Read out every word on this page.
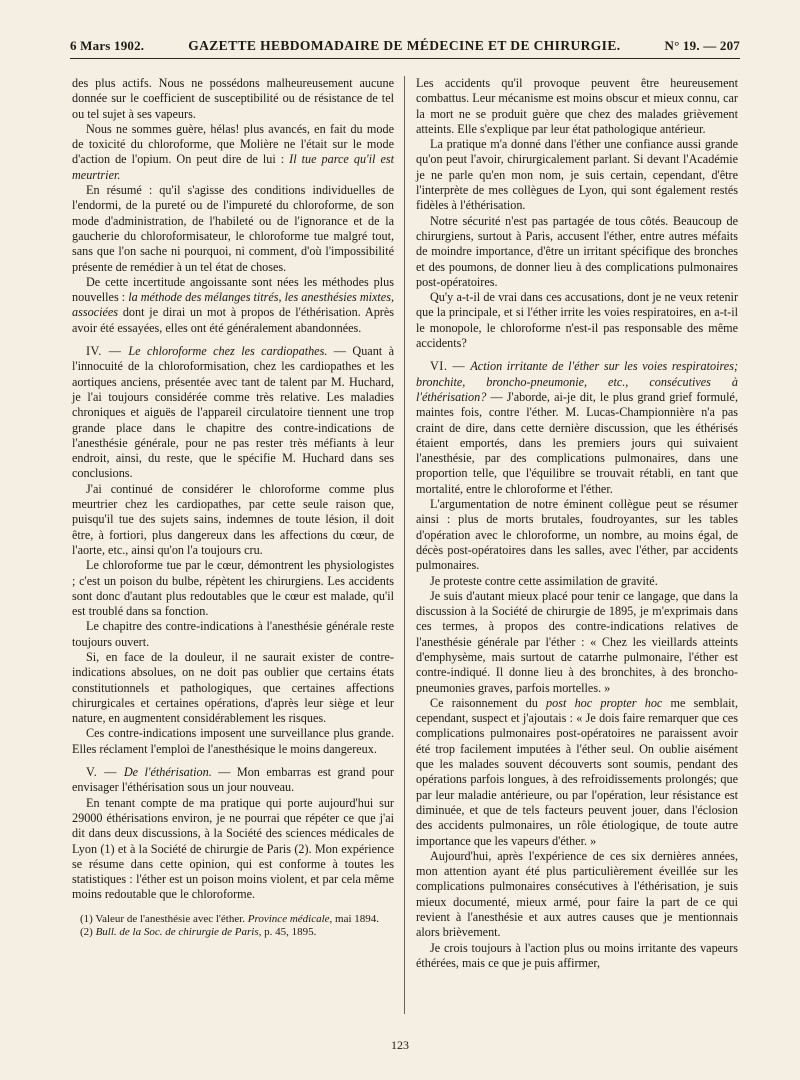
6 Mars 1902.	GAZETTE HEBDOMADAIRE DE MÉDECINE ET DE CHIRURGIE.	N° 19. — 207

des plus actifs. Nous ne possédons malheureusement aucune donnée sur le coefficient de susceptibilité ou de résistance de tel ou tel sujet à ses vapeurs.

Nous ne sommes guère, hélas! plus avancés, en fait du mode de toxicité du chloroforme, que Molière ne l'était sur le mode d'action de l'opium. On peut dire de lui : Il tue parce qu'il est meurtrier.

En résumé : qu'il s'agisse des conditions individuelles de l'endormi, de la pureté ou de l'impureté du chloroforme, de son mode d'administration, de l'habileté ou de l'ignorance et de la gaucherie du chloroformisateur, le chloroforme tue malgré tout, sans que l'on sache ni pourquoi, ni comment, d'où l'impossibilité présente de remédier à un tel état de choses.

De cette incertitude angoissante sont nées les méthodes plus nouvelles : la méthode des mélanges titrés, les anesthésies mixtes, associées dont je dirai un mot à propos de l'éthérisation. Après avoir été essayées, elles ont été généralement abandonnées.

IV. — Le chloroforme chez les cardiopathes. — Quant à l'innocuité de la chloroformisation, chez les cardiopathes et les aortiques anciens, présentée avec tant de talent par M. Huchard, je l'ai toujours considérée comme très relative. Les maladies chroniques et aiguës de l'appareil circulatoire tiennent une trop grande place dans le chapitre des contre-indications de l'anesthésie générale, pour ne pas rester très méfiants à leur endroit, ainsi, du reste, que le spécifie M. Huchard dans ses conclusions.

J'ai continué de considérer le chloroforme comme plus meurtrier chez les cardiopathes, par cette seule raison que, puisqu'il tue des sujets sains, indemnes de toute lésion, il doit être, à fortiori, plus dangereux dans les affections du cœur, de l'aorte, etc., ainsi qu'on l'a toujours cru.

Le chloroforme tue par le cœur, démontrent les physiologistes ; c'est un poison du bulbe, répètent les chirurgiens. Les accidents sont donc d'autant plus redoutables que le cœur est malade, qu'il est troublé dans sa fonction.

Le chapitre des contre-indications à l'anesthésie générale reste toujours ouvert.

Si, en face de la douleur, il ne saurait exister de contre-indications absolues, on ne doit pas oublier que certains états constitutionnels et pathologiques, que certaines affections chirurgicales et certaines opérations, d'après leur siège et leur nature, en augmentent considérablement les risques.

Ces contre-indications imposent une surveillance plus grande. Elles réclament l'emploi de l'anesthésique le moins dangereux.

V. — De l'éthérisation. — Mon embarras est grand pour envisager l'éthérisation sous un jour nouveau.

En tenant compte de ma pratique qui porte aujourd'hui sur 29000 éthérisations environ, je ne pourrai que répéter ce que j'ai dit dans deux discussions, à la Société des sciences médicales de Lyon (1) et à la Société de chirurgie de Paris (2). Mon expérience se résume dans cette opinion, qui est conforme à toutes les statistiques : l'éther est un poison moins violent, et par cela même moins redoutable que le chloroforme.

(1) Valeur de l'anesthésie avec l'éther. Province médicale, mai 1894.

(2) Bull. de la Soc. de chirurgie de Paris, p. 45, 1895.

Les accidents qu'il provoque peuvent être heureusement combattus. Leur mécanisme est moins obscur et mieux connu, car la mort ne se produit guère que chez des malades grièvement atteints. Elle s'explique par leur état pathologique antérieur.

La pratique m'a donné dans l'éther une confiance aussi grande qu'on peut l'avoir, chirurgicalement parlant. Si devant l'Académie je ne parle qu'en mon nom, je suis certain, cependant, d'être l'interprète de mes collègues de Lyon, qui sont également restés fidèles à l'éthérisation.

Notre sécurité n'est pas partagée de tous côtés. Beaucoup de chirurgiens, surtout à Paris, accusent l'éther, entre autres méfaits de moindre importance, d'être un irritant spécifique des bronches et des poumons, de donner lieu à des complications pulmonaires post-opératoires.

Qu'y a-t-il de vrai dans ces accusations, dont je ne veux retenir que la principale, et si l'éther irrite les voies respiratoires, en a-t-il le monopole, le chloroforme n'est-il pas responsable des même accidents?

VI. — Action irritante de l'éther sur les voies respiratoires; bronchite, broncho-pneumonie, etc., consécutives à l'éthérisation? — J'aborde, ai-je dit, le plus grand grief formulé, maintes fois, contre l'éther. M. Lucas-Championnière n'a pas craint de dire, dans cette dernière discussion, que les éthérisés étaient emportés, dans les premiers jours qui suivaient l'anesthésie, par des complications pulmonaires, dans une proportion telle, que l'équilibre se trouvait rétabli, en tant que mortalité, entre le chloroforme et l'éther.

L'argumentation de notre éminent collègue peut se résumer ainsi : plus de morts brutales, foudroyantes, sur les tables d'opération avec le chloroforme, un nombre, au moins égal, de décès post-opératoires dans les salles, avec l'éther, par accidents pulmonaires.

Je proteste contre cette assimilation de gravité.

Je suis d'autant mieux placé pour tenir ce langage, que dans la discussion à la Société de chirurgie de 1895, je m'exprimais dans ces termes, à propos des contre-indications relatives de l'anesthésie générale par l'éther : « Chez les vieillards atteints d'emphysème, mais surtout de catarrhe pulmonaire, l'éther est contre-indiqué. Il donne lieu à des bronchites, à des broncho-pneumonies graves, parfois mortelles. »

Ce raisonnement du post hoc propter hoc me semblait, cependant, suspect et j'ajoutais : « Je dois faire remarquer que ces complications pulmonaires post-opératoires ne paraissent avoir été trop facilement imputées à l'éther seul. On oublie aisément que les malades souvent découverts sont soumis, pendant des opérations parfois longues, à des refroidissements prolongés; que par leur maladie antérieure, ou par l'opération, leur résistance est diminuée, et que de tels facteurs peuvent jouer, dans l'éclosion des accidents pulmonaires, un rôle étiologique, de toute autre importance que les vapeurs d'éther. »

Aujourd'hui, après l'expérience de ces six dernières années, mon attention ayant été plus particulièrement éveillée sur les complications pulmonaires consécutives à l'éthérisation, je suis mieux documenté, mieux armé, pour faire la part de ce qui revient à l'anesthésie et aux autres causes que je mentionnais alors brièvement.

Je crois toujours à l'action plus ou moins irritante des vapeurs éthérées, mais ce que je puis affirmer,

123
